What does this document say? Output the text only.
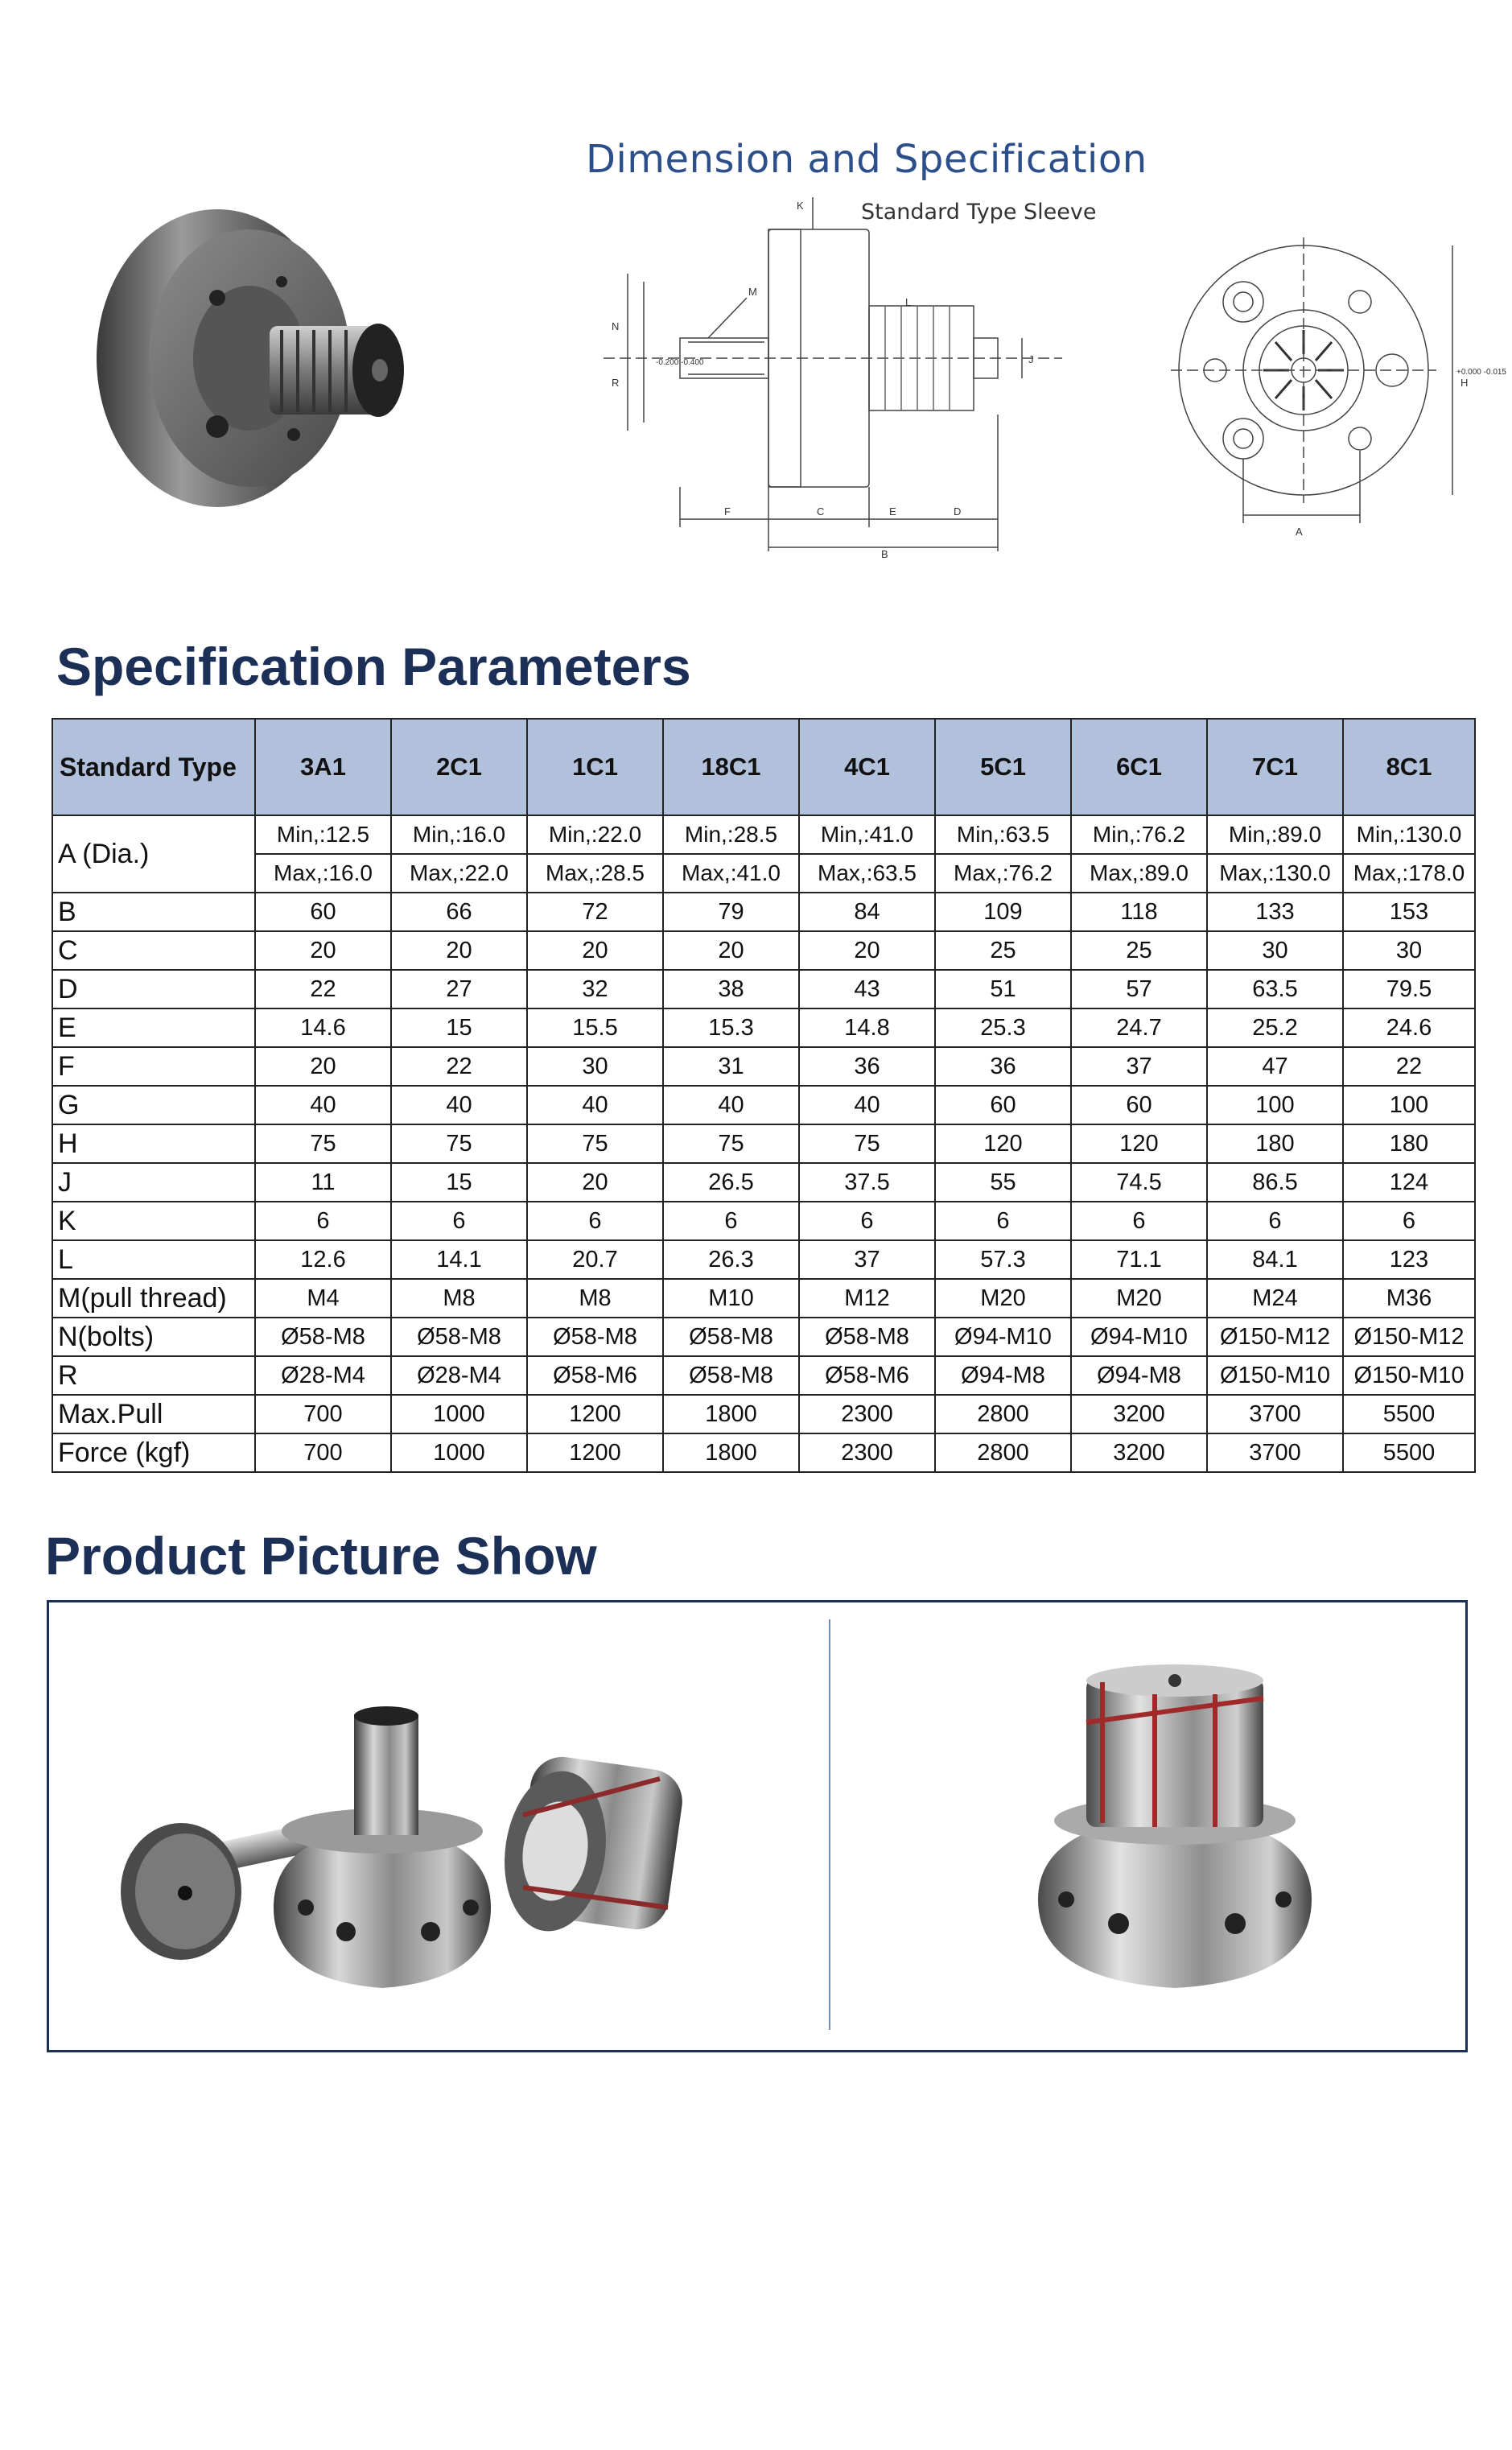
Dimension and Specification
Standard Type Sleeve
K
M
N
R
-0.200 -0.400
L
J
F	C	E	D
B
+0.000 -0.015
H
A
Specification Parameters
Standard Type	3A1	2C1	1C1	18C1	4C1	5C1	6C1	7C1	8C1
A (Dia.)	Min,:12.5	Min,:16.0	Min,:22.0	Min,:28.5	Min,:41.0	Min,:63.5	Min,:76.2	Min,:89.0	Min,:130.0
	Max,:16.0	Max,:22.0	Max,:28.5	Max,:41.0	Max,:63.5	Max,:76.2	Max,:89.0	Max,:130.0	Max,:178.0
B	60	66	72	79	84	109	118	133	153
C	20	20	20	20	20	25	25	30	30
D	22	27	32	38	43	51	57	63.5	79.5
E	14.6	15	15.5	15.3	14.8	25.3	24.7	25.2	24.6
F	20	22	30	31	36	36	37	47	22
G	40	40	40	40	40	60	60	100	100
H	75	75	75	75	75	120	120	180	180
J	11	15	20	26.5	37.5	55	74.5	86.5	124
K	6	6	6	6	6	6	6	6	6
L	12.6	14.1	20.7	26.3	37	57.3	71.1	84.1	123
M(pull thread)	M4	M8	M8	M10	M12	M20	M20	M24	M36
N(bolts)	Ø58-M8	Ø58-M8	Ø58-M8	Ø58-M8	Ø58-M8	Ø94-M10	Ø94-M10	Ø150-M12	Ø150-M12
R	Ø28-M4	Ø28-M4	Ø58-M6	Ø58-M8	Ø58-M6	Ø94-M8	Ø94-M8	Ø150-M10	Ø150-M10
Max.Pull	700	1000	1200	1800	2300	2800	3200	3700	5500
Force (kgf)	700	1000	1200	1800	2300	2800	3200	3700	5500
Product Picture Show
